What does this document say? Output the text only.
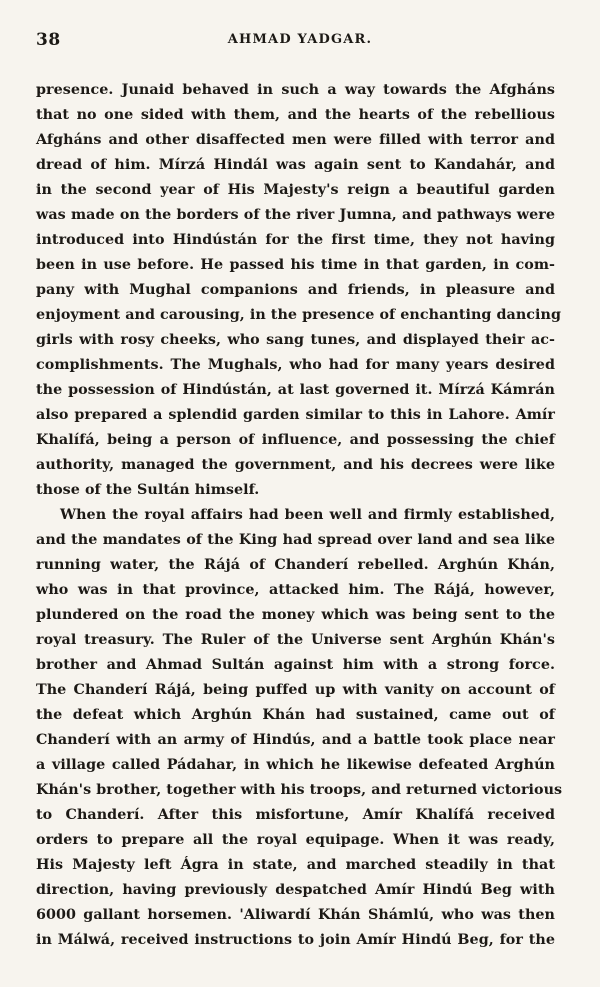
38	AHMAD YADGAR.
presence. Junaid behaved in such a way towards the Afgháns
that no one sided with them, and the hearts of the rebellious
Afgháns and other disaffected men were filled with terror and
dread of him. Mírzá Hindál was again sent to Kandahár, and
in the second year of His Majesty's reign a beautiful garden
was made on the borders of the river Jumna, and pathways were
introduced into Hindústán for the first time, they not having
been in use before. He passed his time in that garden, in com-
pany with Mughal companions and friends, in pleasure and
enjoyment and carousing, in the presence of enchanting dancing
girls with rosy cheeks, who sang tunes, and displayed their ac-
complishments. The Mughals, who had for many years desired
the possession of Hindústán, at last governed it. Mírzá Kámrán
also prepared a splendid garden similar to this in Lahore. Amír
Khalífá, being a person of influence, and possessing the chief
authority, managed the government, and his decrees were like
those of the Sultán himself.
When the royal affairs had been well and firmly established,
and the mandates of the King had spread over land and sea like
running water, the Rájá of Chanderí rebelled. Arghún Khán,
who was in that province, attacked him. The Rájá, however,
plundered on the road the money which was being sent to the
royal treasury. The Ruler of the Universe sent Arghún Khán's
brother and Ahmad Sultán against him with a strong force.
The Chanderí Rájá, being puffed up with vanity on account of
the defeat which Arghún Khán had sustained, came out of
Chanderí with an army of Hindús, and a battle took place near
a village called Pádahar, in which he likewise defeated Arghún
Khán's brother, together with his troops, and returned victorious
to Chanderí. After this misfortune, Amír Khalífá received
orders to prepare all the royal equipage. When it was ready,
His Majesty left Ágra in state, and marched steadily in that
direction, having previously despatched Amír Hindú Beg with
6000 gallant horsemen. 'Aliwardí Khán Shámlú, who was then
in Málwá, received instructions to join Amír Hindú Beg, for the
